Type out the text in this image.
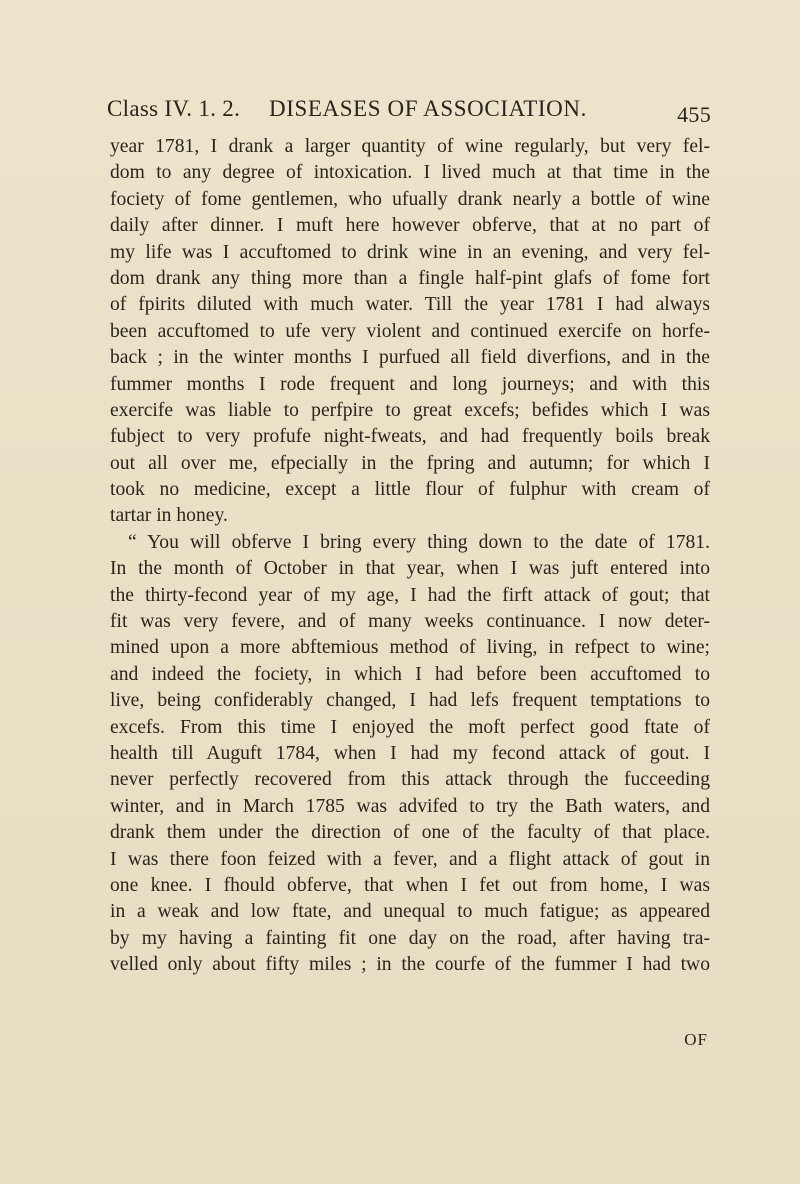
Class IV. 1. 2. DISEASES OF ASSOCIATION.	455
year 1781, I drank a larger quantity of wine regularly, but very fel-
dom to any degree of intoxication. I lived much at that time in the
fociety of fome gentlemen, who ufually drank nearly a bottle of wine
daily after dinner. I muft here however obferve, that at no part of
my life was I accuftomed to drink wine in an evening, and very fel-
dom drank any thing more than a fingle half-pint glafs of fome fort
of fpirits diluted with much water. Till the year 1781 I had always
been accuftomed to ufe very violent and continued exercife on horfe-
back ; in the winter months I purfued all field diverfions, and in the
fummer months I rode frequent and long journeys; and with this
exercife was liable to perfpire to great excefs; befides which I was
fubject to very profufe night-fweats, and had frequently boils break
out all over me, efpecially in the fpring and autumn; for which I
took no medicine, except a little flour of fulphur with cream of
tartar in honey.
“ You will obferve I bring every thing down to the date of 1781.
In the month of October in that year, when I was juft entered into
the thirty-fecond year of my age, I had the firft attack of gout; that
fit was very fevere, and of many weeks continuance. I now deter-
mined upon a more abftemious method of living, in refpect to wine;
and indeed the fociety, in which I had before been accuftomed to
live, being confiderably changed, I had lefs frequent temptations to
excefs. From this time I enjoyed the moft perfect good ftate of
health till Auguft 1784, when I had my fecond attack of gout. I
never perfectly recovered from this attack through the fucceeding
winter, and in March 1785 was advifed to try the Bath waters, and
drank them under the direction of one of the faculty of that place.
I was there foon feized with a fever, and a flight attack of gout in
one knee. I fhould obferve, that when I fet out from home, I was
in a weak and low ftate, and unequal to much fatigue; as appeared
by my having a fainting fit one day on the road, after having tra-
velled only about fifty miles ; in the courfe of the fummer I had two
OF
